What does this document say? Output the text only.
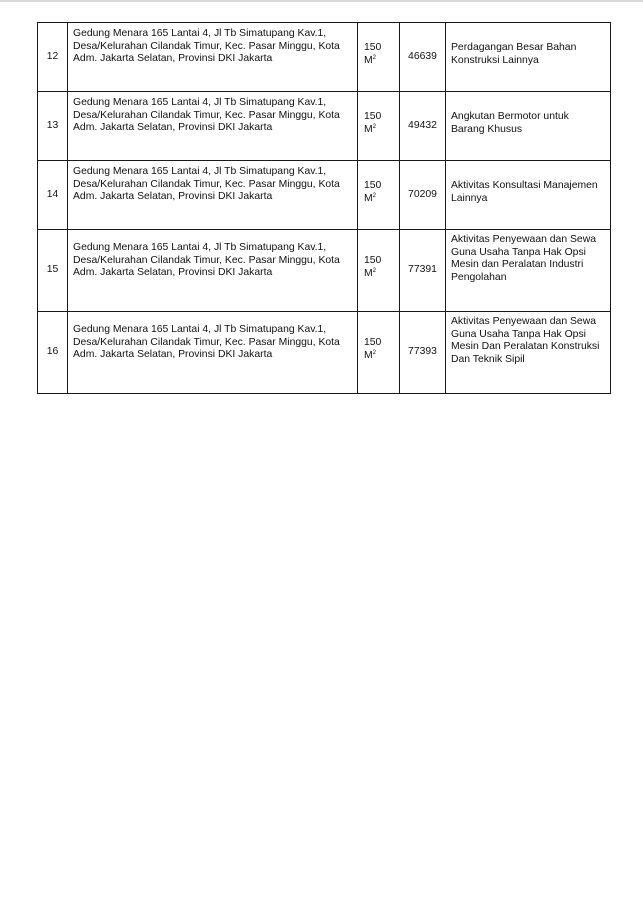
12	Gedung Menara 165 Lantai 4, Jl Tb Simatupang Kav.1, Desa/Kelurahan Cilandak Timur, Kec. Pasar Minggu, Kota Adm. Jakarta Selatan, Provinsi DKI Jakarta	150
$M^2$	46639	Perdagangan Besar Bahan Konstruksi Lainnya

13	Gedung Menara 165 Lantai 4, Jl Tb Simatupang Kav.1, Desa/Kelurahan Cilandak Timur, Kec. Pasar Minggu, Kota Adm. Jakarta Selatan, Provinsi DKI Jakarta	150
$M^2$	49432	Angkutan Bermotor untuk Barang Khusus

14	Gedung Menara 165 Lantai 4, Jl Tb Simatupang Kav.1, Desa/Kelurahan Cilandak Timur, Kec. Pasar Minggu, Kota Adm. Jakarta Selatan, Provinsi DKI Jakarta	150
$M^2$	70209	Aktivitas Konsultasi Manajemen Lainnya

15	Gedung Menara 165 Lantai 4, Jl Tb Simatupang Kav.1, Desa/Kelurahan Cilandak Timur, Kec. Pasar Minggu, Kota Adm. Jakarta Selatan, Provinsi DKI Jakarta	150
$M^2$	77391	Aktivitas Penyewaan dan Sewa Guna Usaha Tanpa Hak Opsi Mesin dan Peralatan Industri Pengolahan

16	Gedung Menara 165 Lantai 4, Jl Tb Simatupang Kav.1, Desa/Kelurahan Cilandak Timur, Kec. Pasar Minggu, Kota Adm. Jakarta Selatan, Provinsi DKI Jakarta	150
$M^2$	77393	Aktivitas Penyewaan dan Sewa Guna Usaha Tanpa Hak Opsi Mesin Dan Peralatan Konstruksi Dan Teknik Sipil
